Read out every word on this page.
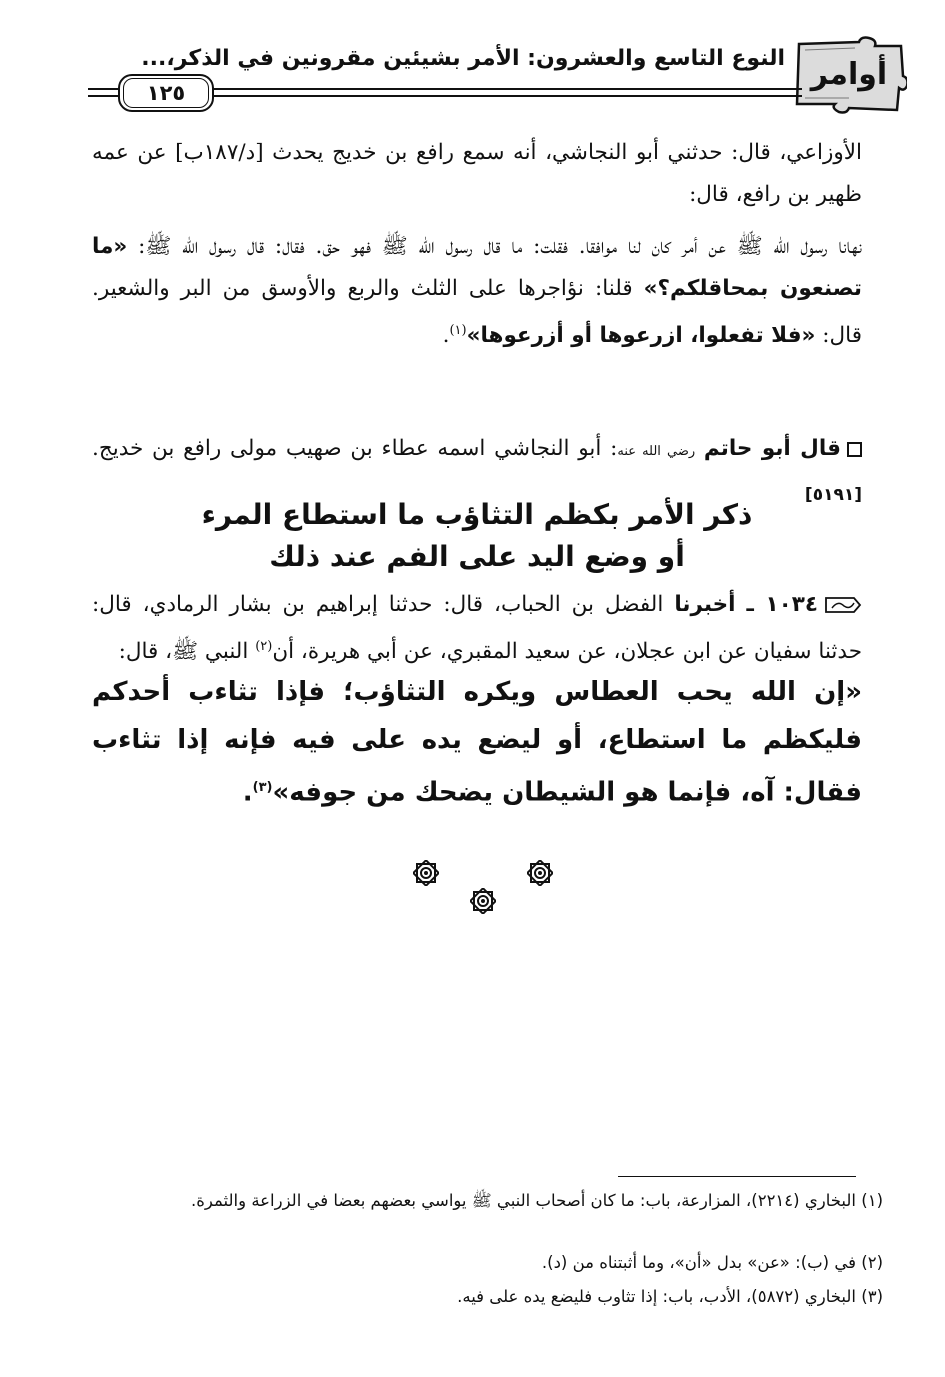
أوامر
النوع التاسع والعشرون: الأمر بشيئين مقرونين في الذكر،...
١٢٥
الأوزاعي، قال: حدثني أبو النجاشي، أنه سمع رافع بن خديج يحدث [د/١٨٧ب] عن عمه ظهير بن رافع، قال:
نهانا رسول الله ﷺ عن أمر كان لنا موافقا. فقلت: ما قال رسول الله ﷺ فهو حق. فقال: قال رسول الله ﷺ: «ما تصنعون بمحاقلكم؟» قلنا: نؤاجرها على الثلث والربع والأوسق من البر والشعير. قال: «فلا تفعلوا، ازرعوها أو أزرعوها»$^{(١)}$.
قال أبو حاتم رضي الله عنه: أبو النجاشي اسمه عطاء بن صهيب مولى رافع بن خديج. [٥١٩١]
ذكر الأمر بكظم التثاؤب ما استطاع المرء
أو وضع اليد على الفم عند ذلك
١٠٣٤ ـ أخبرنا الفضل بن الحباب، قال: حدثنا إبراهيم بن بشار الرمادي، قال: حدثنا سفيان عن ابن عجلان، عن سعيد المقبري، عن أبي هريرة، أن$^{(٢)}$ النبي ﷺ، قال:
«إن الله يحب العطاس ويكره التثاؤب؛ فإذا تثاءب أحدكم فليكظم ما استطاع، أو ليضع يده على فيه فإنه إذا تثاءب فقال: آه، فإنما هو الشيطان يضحك من جوفه»$^{(٣)}$.
(١) البخاري (٢٢١٤)، المزارعة، باب: ما كان أصحاب النبي ﷺ يواسي بعضهم بعضا في الزراعة والثمرة.
(٢) في (ب): «عن» بدل «أن»، وما أثبتناه من (د).
(٣) البخاري (٥٨٧٢)، الأدب، باب: إذا تثاوب فليضع يده على فيه.
